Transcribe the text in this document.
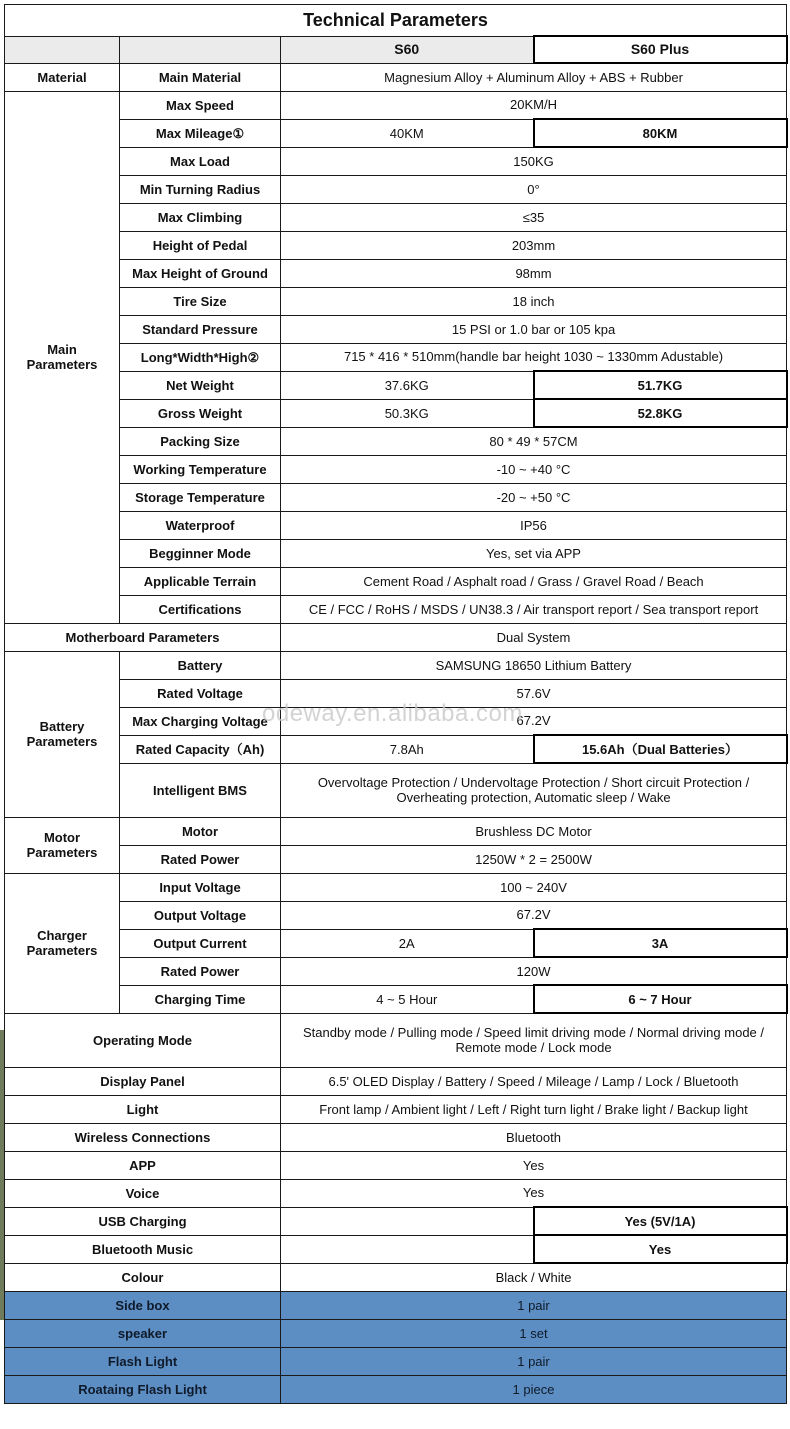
Technical Parameters			
		S60	S60 Plus
Material	Main Material	Magnesium Alloy + Aluminum Alloy + ABS + Rubber	
Main
Parameters	Max Speed	20KM/H	
	Max Mileage①	40KM	80KM
	Max Load	150KG	
	Min Turning Radius	0°	
	Max Climbing	≤35	
	Height of Pedal	203mm	
	Max Height of Ground	98mm	
	Tire Size	18 inch	
	Standard Pressure	15 PSI or 1.0 bar or 105 kpa	
	Long*Width*High②	715 * 416 * 510mm(handle bar height 1030 ~ 1330mm Adustable)	
	Net Weight	37.6KG	51.7KG
	Gross Weight	50.3KG	52.8KG
	Packing Size	80 * 49 * 57CM	
	Working Temperature	-10 ~ +40 °C	
	Storage Temperature	-20 ~ +50 °C	
	Waterproof	IP56	
	Begginner Mode	Yes, set via APP	
	Applicable Terrain	Cement Road / Asphalt road / Grass / Gravel Road / Beach	
	Certifications	CE / FCC / RoHS / MSDS / UN38.3 / Air transport report / Sea transport report	
Motherboard Parameters		Dual System	
Battery
Parameters	Battery	SAMSUNG 18650 Lithium Battery	
	Rated Voltage	57.6V	
	Max Charging Voltage	67.2V	
	Rated Capacity（Ah)	7.8Ah	15.6Ah（Dual Batteries）
	Intelligent BMS	Overvoltage Protection / Undervoltage Protection / Short circuit Protection / Overheating protection, Automatic sleep / Wake	
Motor
Parameters	Motor	Brushless DC Motor	
	Rated Power	1250W * 2 = 2500W	
Charger
Parameters	Input Voltage	100 ~ 240V	
	Output Voltage	67.2V	
	Output Current	2A	3A
	Rated Power	120W	
	Charging Time	4 ~ 5 Hour	6 ~ 7 Hour
Operating Mode		Standby mode / Pulling mode / Speed limit driving mode / Normal driving mode / Remote mode / Lock mode	
Display Panel		6.5' OLED Display / Battery / Speed / Mileage / Lamp / Lock / Bluetooth	
Light		Front lamp / Ambient light / Left / Right turn light / Brake light / Backup light	
Wireless Connections		Bluetooth	
APP		Yes	
Voice		Yes	
USB Charging			Yes (5V/1A)
Bluetooth Music			Yes
Colour		Black / White	
Side box		1 pair	
speaker		1 set	
Flash Light		1 pair	
Roataing Flash Light		1 piece	
odeway.en.alibaba.com
